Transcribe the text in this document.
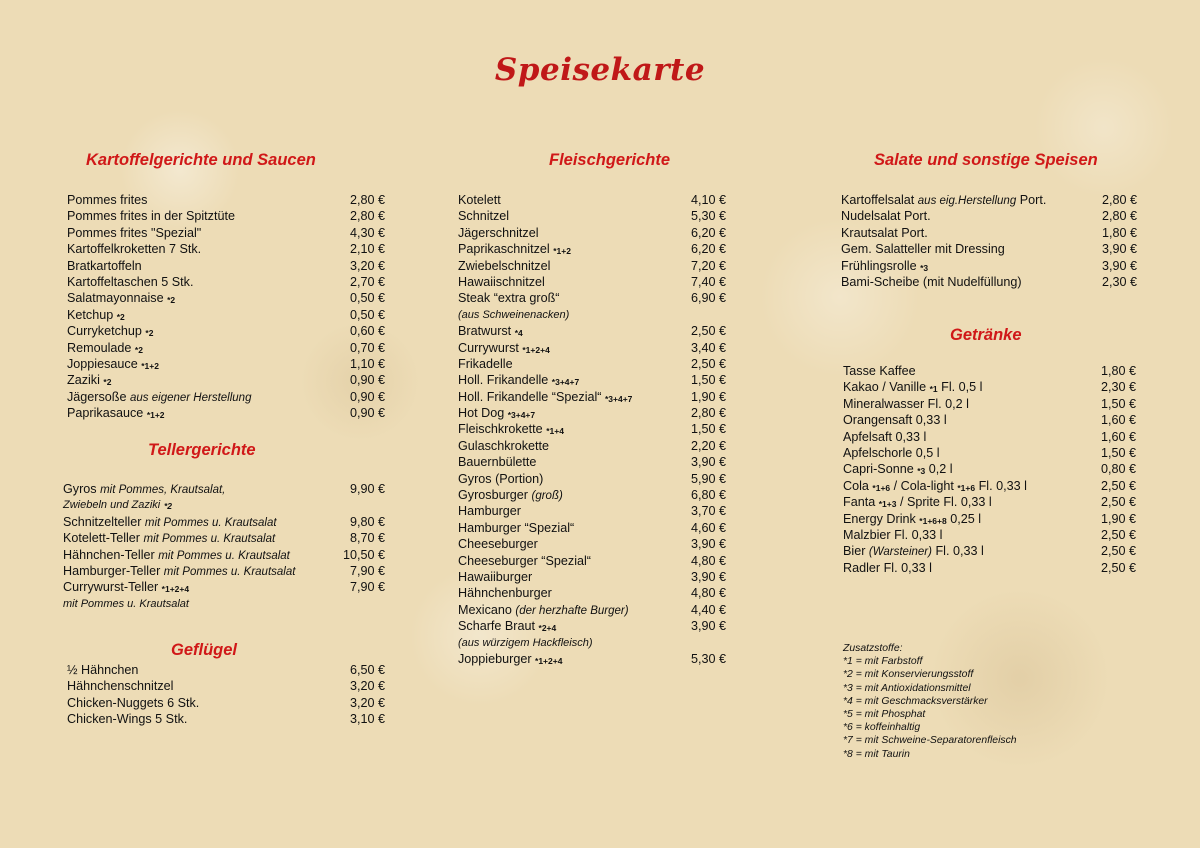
Speisekarte
Kartoffelgerichte und Saucen
Pommes frites	2,80 €
Pommes frites in der Spitztüte	2,80 €
Pommes frites "Spezial"	4,30 €
Kartoffelkroketten 7 Stk.	2,10 €
Bratkartoffeln	3,20 €
Kartoffeltaschen 5 Stk.	2,70 €
Salatmayonnaise *2	0,50 €
Ketchup *2	0,50 €
Curryketchup *2	0,60 €
Remoulade *2	0,70 €
Joppiesauce *1+2	1,10 €
Zaziki *2	0,90 €
Jägersoße aus eigener Herstellung	0,90 €
Paprikasauce *1+2	0,90 €
Tellergerichte
Gyros mit Pommes, Krautsalat,	9,90 €
Zwiebeln und Zaziki *2
Schnitzelteller mit Pommes u. Krautsalat	9,80 €
Kotelett-Teller mit Pommes u. Krautsalat	8,70 €
Hähnchen-Teller mit Pommes u. Krautsalat	10,50 €
Hamburger-Teller mit Pommes u. Krautsalat	7,90 €
Currywurst-Teller *1+2+4	7,90 €
mit Pommes u. Krautsalat
Geflügel
½ Hähnchen	6,50 €
Hähnchenschnitzel	3,20 €
Chicken-Nuggets 6 Stk.	3,20 €
Chicken-Wings 5 Stk.	3,10 €
Fleischgerichte
Kotelett	4,10 €
Schnitzel	5,30 €
Jägerschnitzel	6,20 €
Paprikaschnitzel *1+2	6,20 €
Zwiebelschnitzel	7,20 €
Hawaiischnitzel	7,40 €
Steak “extra groß“	6,90 €
(aus Schweinenacken)
Bratwurst *4	2,50 €
Currywurst *1+2+4	3,40 €
Frikadelle	2,50 €
Holl. Frikandelle *3+4+7	1,50 €
Holl. Frikandelle “Spezial“ *3+4+7	1,90 €
Hot Dog *3+4+7	2,80 €
Fleischkrokette *1+4	1,50 €
Gulaschkrokette	2,20 €
Bauernbülette	3,90 €
Gyros (Portion)	5,90 €
Gyrosburger (groß)	6,80 €
Hamburger	3,70 €
Hamburger “Spezial“	4,60 €
Cheeseburger	3,90 €
Cheeseburger “Spezial“	4,80 €
Hawaiiburger	3,90 €
Hähnchenburger	4,80 €
Mexicano (der herzhafte Burger)	4,40 €
Scharfe Braut *2+4	3,90 €
(aus würzigem Hackfleisch)
Joppieburger *1+2+4	5,30 €
Salate und sonstige Speisen
Kartoffelsalat aus eig.Herstellung Port.	2,80 €
Nudelsalat Port.	2,80 €
Krautsalat Port.	1,80 €
Gem. Salatteller mit Dressing	3,90 €
Frühlingsrolle *3	3,90 €
Bami-Scheibe (mit Nudelfüllung)	2,30 €
Getränke
Tasse Kaffee	1,80 €
Kakao / Vanille *1 Fl. 0,5 l	2,30 €
Mineralwasser Fl. 0,2 l	1,50 €
Orangensaft 0,33 l	1,60 €
Apfelsaft 0,33 l	1,60 €
Apfelschorle 0,5 l	1,50 €
Capri-Sonne *3 0,2 l	0,80 €
Cola *1+6 / Cola-light *1+6 Fl. 0,33 l	2,50 €
Fanta *1+3 / Sprite Fl. 0,33 l	2,50 €
Energy Drink *1+6+8 0,25 l	1,90 €
Malzbier Fl. 0,33 l	2,50 €
Bier (Warsteiner) Fl. 0,33 l	2,50 €
Radler Fl. 0,33 l	2,50 €
Zusatzstoffe:
*1 = mit Farbstoff
*2 = mit Konservierungsstoff
*3 = mit Antioxidationsmittel
*4 = mit Geschmacksverstärker
*5 = mit Phosphat
*6 = koffeinhaltig
*7 = mit Schweine-Separatorenfleisch
*8 = mit Taurin
